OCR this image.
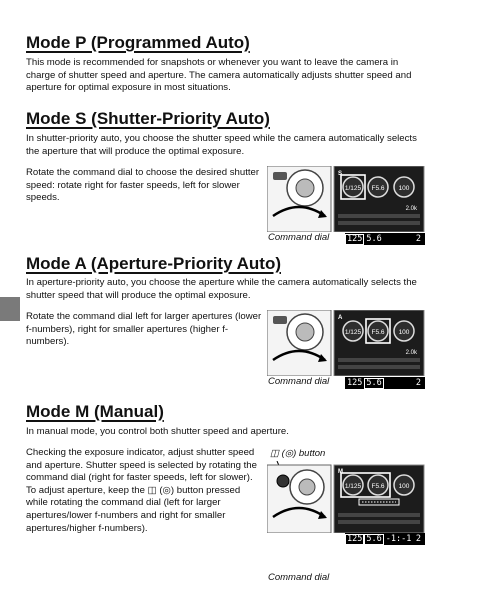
Mode P (Programmed Auto)

This mode is recommended for snapshots or whenever you want to leave the camera in charge of shutter speed and aperture. The camera automatically adjusts shutter speed and aperture for optimal exposure in most situations.

Mode S (Shutter-Priority Auto)

In shutter-priority auto, you choose the shutter speed while the camera automatically selects the aperture that will produce the optimal exposure.

Rotate the command dial to choose the desired shutter speed: rotate right for faster speeds, left for slower speeds.

1/125 F5.6 100
S
2.0k
Command dial 125 5.6	2
Mode A (Aperture-Priority Auto)

In aperture-priority auto, you choose the aperture while the camera automatically selects the shutter speed that will produce the optimal exposure.

Rotate the command dial left for larger apertures (lower f-numbers), right for smaller apertures (higher f-numbers).

1/125 F5.6 100
A
2.0k
Command dial 125 5.6	2
Mode M (Manual)

In manual mode, you control both shutter speed and aperture.

Checking the exposure indicator, adjust shutter speed and aperture. Shutter speed is selected by rotating the command dial (right for faster speeds, left for slower). To adjust aperture, keep the ◫ (◎) button pressed while rotating the command dial (left for larger apertures/lower f-numbers and right for smaller apertures/higher f-numbers).

◫ (◎) button
1/125 F5.6 100
M
125 5.6 -1:-1 2
Command dial
